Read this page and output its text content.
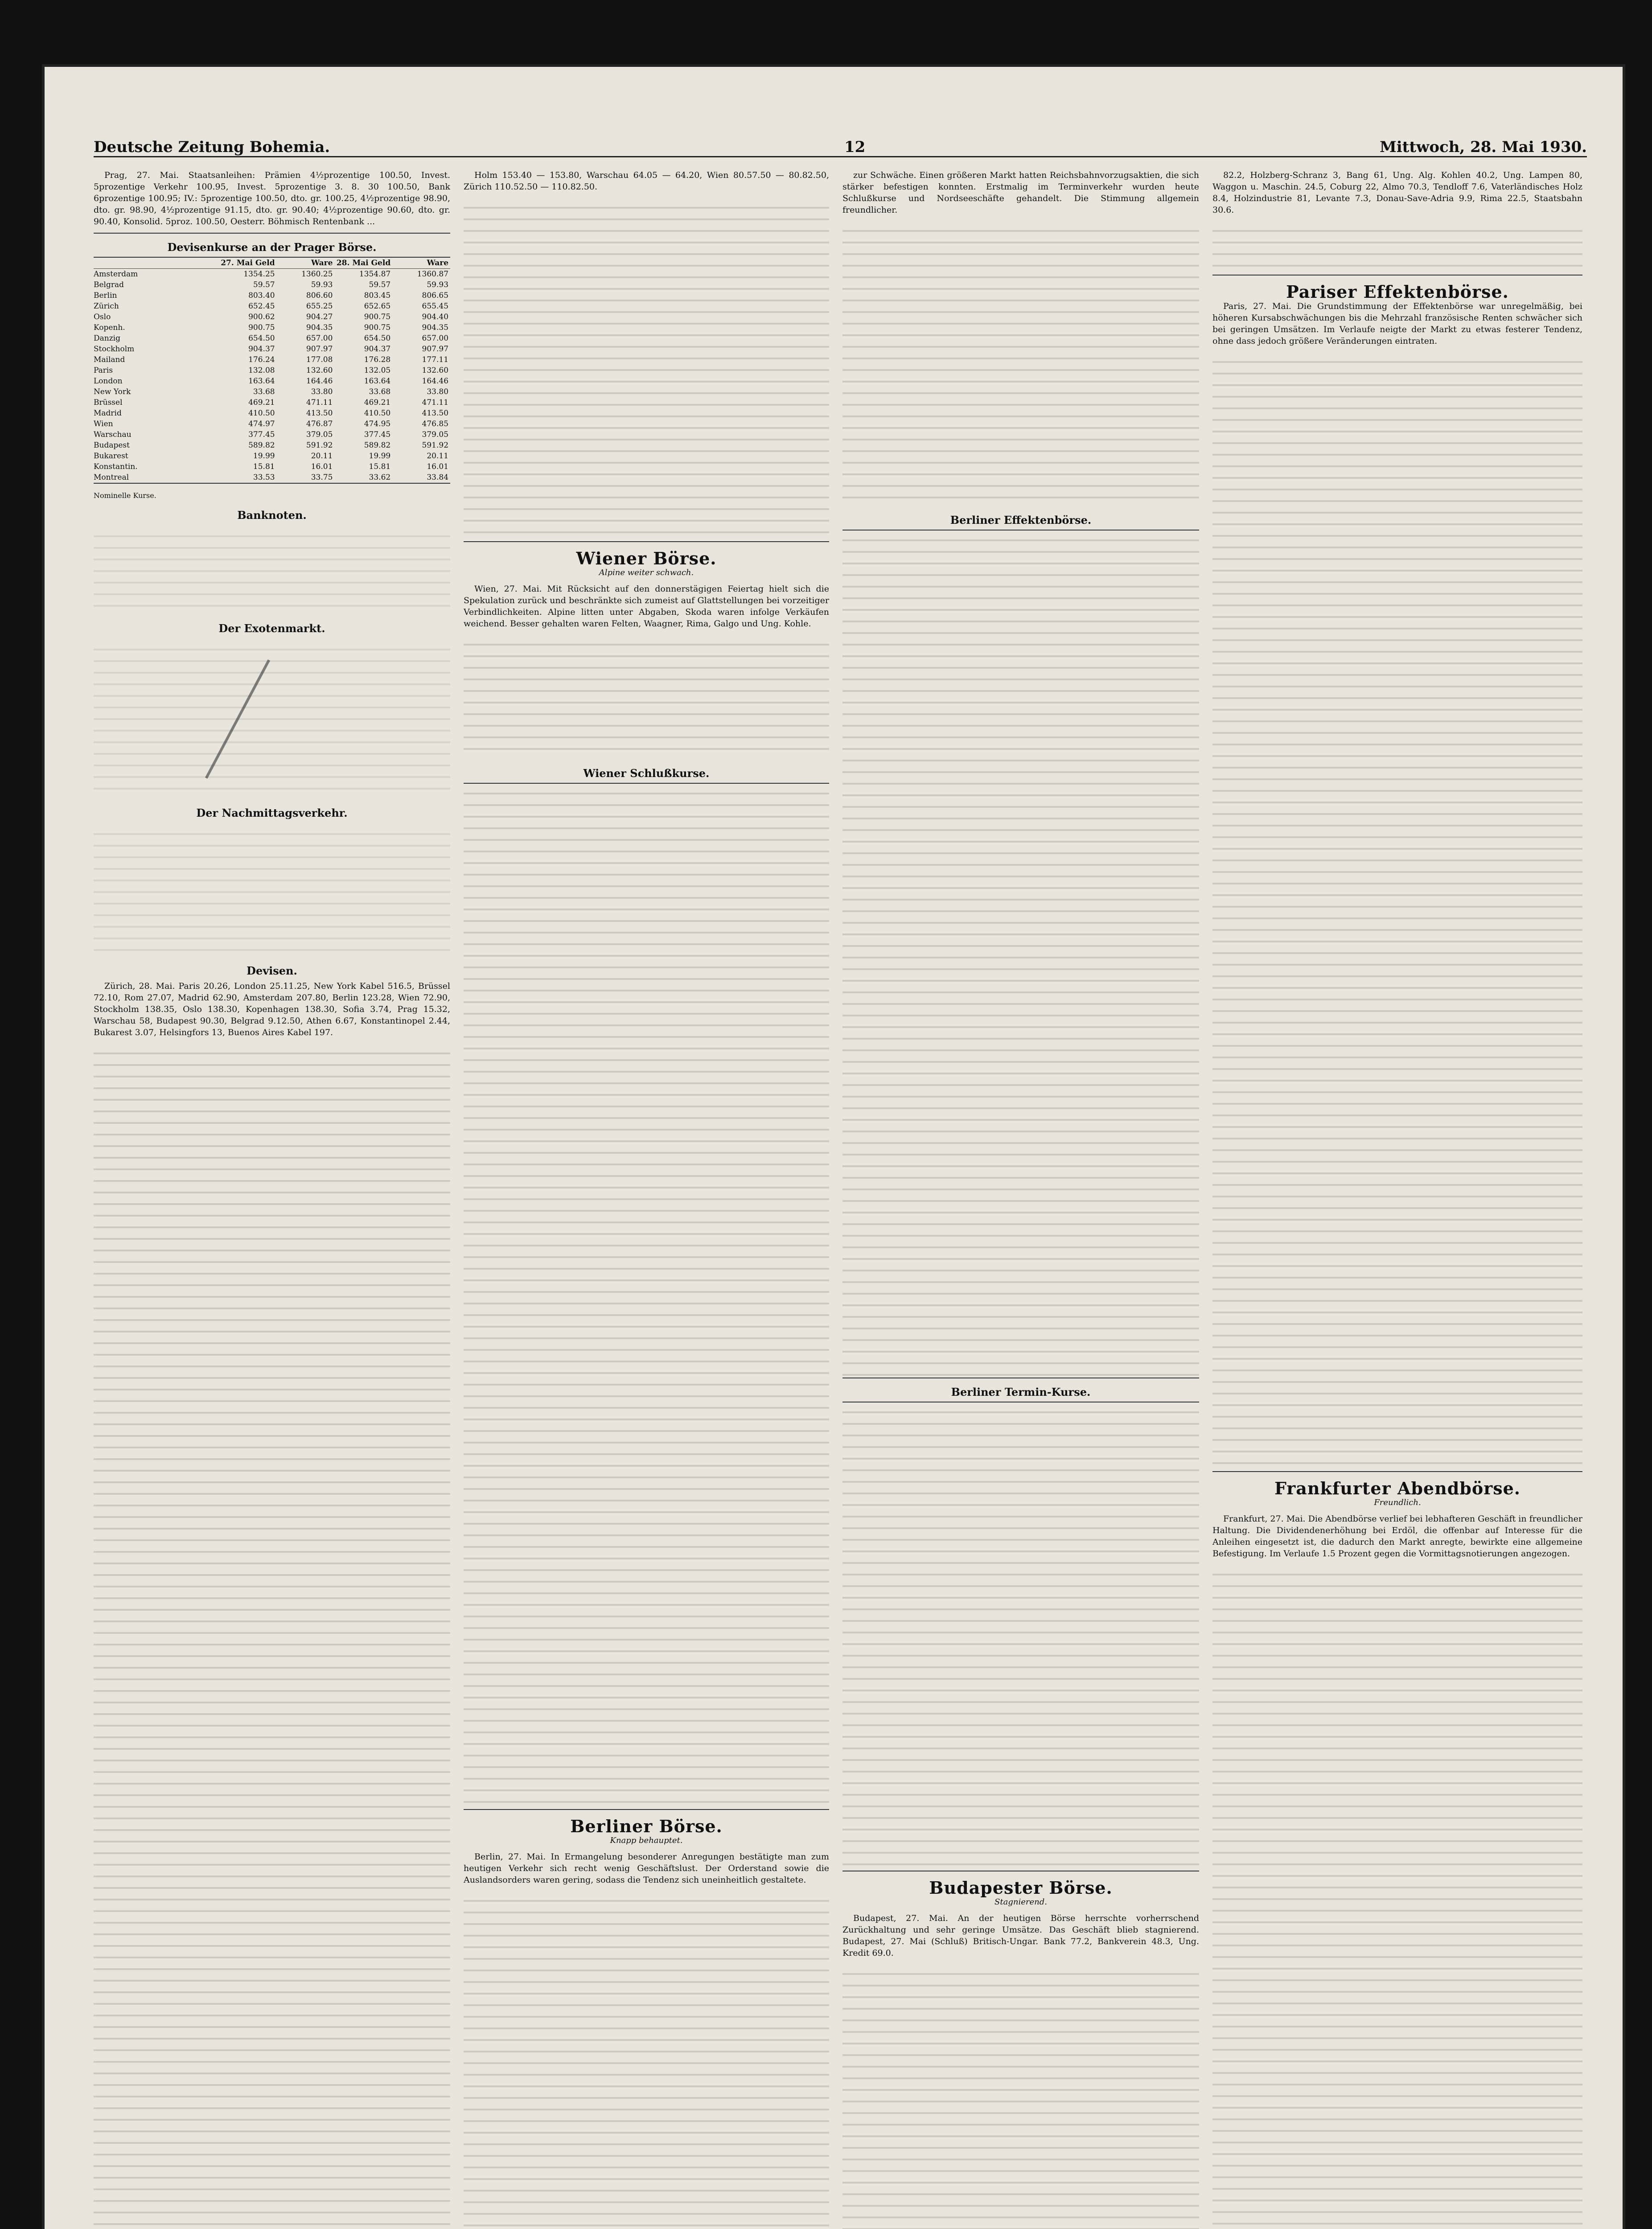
Deutsche Zeitung Bohemia.	12	Mittwoch, 28. Mai 1930.

Prag, 27. Mai. Staatsanleihen: Prämien 4½prozentige 100.50, Invest. 5prozentige Verkehr 100.95, Invest. 5prozentige 3. 8. 30 100.50, Bank 6prozentige 100.95; IV.: 5prozentige 100.50, dto. gr. 100.25, 4½prozentige 98.90, dto. gr. 98.90, 4½prozentige 91.15, dto. gr. 90.40; 4½prozentige 90.60, dto. gr. 90.40, Konsolid. 5proz. 100.50, Oesterr. Böhmisch Rentenbank ...

Devisenkurse an der Prager Börse.
27. Mai Geld	Ware 28. Mai Geld	Ware
Amsterdam	1354.25	1360.25	1354.87	1360.87
Belgrad	59.57	59.93	59.57	59.93
Berlin	803.40	806.60	803.45	806.65
Zürich	652.45	655.25	652.65	655.45
Oslo	900.62	904.27	900.75	904.40
Kopenh.	900.75	904.35	900.75	904.35
Danzig	654.50	657.00	654.50	657.00
Stockholm	904.37	907.97	904.37	907.97
Mailand	176.24	177.08	176.28	177.11
Paris	132.08	132.60	132.05	132.60
London	163.64	164.46	163.64	164.46
New York	33.68	33.80	33.68	33.80
Brüssel	469.21	471.11	469.21	471.11
Madrid	410.50	413.50	410.50	413.50
Wien	474.97	476.87	474.95	476.85
Warschau	377.45	379.05	377.45	379.05
Budapest	589.82	591.92	589.82	591.92
Bukarest	19.99	20.11	19.99	20.11
Konstantin.	15.81	16.01	15.81	16.01
Montreal	33.53	33.75	33.62	33.84

Nominelle Kurse.

Banknoten.
Der Exotenmarkt.
Der Nachmittagsverkehr.
Devisen.

Zürich, 28. Mai. Paris 20.26, London 25.11.25, New York Kabel 516.5, Brüssel 72.10, Rom 27.07, Madrid 62.90, Amsterdam 207.80, Berlin 123.28, Wien 72.90, Stockholm 138.35, Oslo 138.30, Kopenhagen 138.30, Sofia 3.74, Prag 15.32, Warschau 58, Budapest 90.30, Belgrad 9.12.50, Athen 6.67, Konstantinopel 2.44, Bukarest 3.07, Helsingfors 13, Buenos Aires Kabel 197.

Holm 153.40 — 153.80, Warschau 64.05 — 64.20, Wien 80.57.50 — 80.82.50, Zürich 110.52.50 — 110.82.50.

Wiener Börse.
Alpine weiter schwach.

Wien, 27. Mai. Mit Rücksicht auf den donnerstägigen Feiertag hielt sich die Spekulation zurück und beschränkte sich zumeist auf Glattstellungen bei vorzeitiger Verbindlichkeiten. Alpine litten unter Abgaben, Skoda waren infolge Verkäufen weichend. Besser gehalten waren Felten, Waagner, Rima, Galgo und Ung. Kohle.

Wiener Schlußkurse.
Berliner Börse.
Knapp behauptet.

Berlin, 27. Mai. In Ermangelung besonderer Anregungen bestätigte man zum heutigen Verkehr sich recht wenig Geschäftslust. Der Orderstand sowie die Auslandsorders waren gering, sodass die Tendenz sich uneinheitlich gestaltete.

zur Schwäche. Einen größeren Markt hatten Reichsbahnvorzugsaktien, die sich stärker befestigen konnten. Erstmalig im Terminverkehr wurden heute Schlußkurse und Nordseeschäfte gehandelt. Die Stimmung allgemein freundlicher.

Berliner Effektenbörse.
Berliner Termin-Kurse.
Budapester Börse.
Stagnierend.

Budapest, 27. Mai. An der heutigen Börse herrschte vorherrschend Zurückhaltung und sehr geringe Umsätze. Das Geschäft blieb stagnierend. Budapest, 27. Mai (Schluß) Britisch-Ungar. Bank 77.2, Bankverein 48.3, Ung. Kredit 69.0.

82.2, Holzberg-Schranz 3, Bang 61, Ung. Alg. Kohlen 40.2, Ung. Lampen 80, Waggon u. Maschin. 24.5, Coburg 22, Almo 70.3, Tendloff 7.6, Vaterländisches Holz 8.4, Holzindustrie 81, Levante 7.3, Donau-Save-Adria 9.9, Rima 22.5, Staatsbahn 30.6.

Pariser Effektenbörse.

Paris, 27. Mai. Die Grundstimmung der Effektenbörse war unregelmäßig, bei höheren Kursabschwächungen bis die Mehrzahl französische Renten schwächer sich bei geringen Umsätzen. Im Verlaufe neigte der Markt zu etwas festerer Tendenz, ohne dass jedoch größere Veränderungen eintraten.

Frankfurter Abendbörse.
Freundlich.

Frankfurt, 27. Mai. Die Abendbörse verlief bei lebhafteren Geschäft in freundlicher Haltung. Die Dividendenerhöhung bei Erdöl, die offenbar auf Interesse für die Anleihen eingesetzt ist, die dadurch den Markt anregte, bewirkte eine allgemeine Befestigung. Im Verlaufe 1.5 Prozent gegen die Vormittagsnotierungen angezogen.
